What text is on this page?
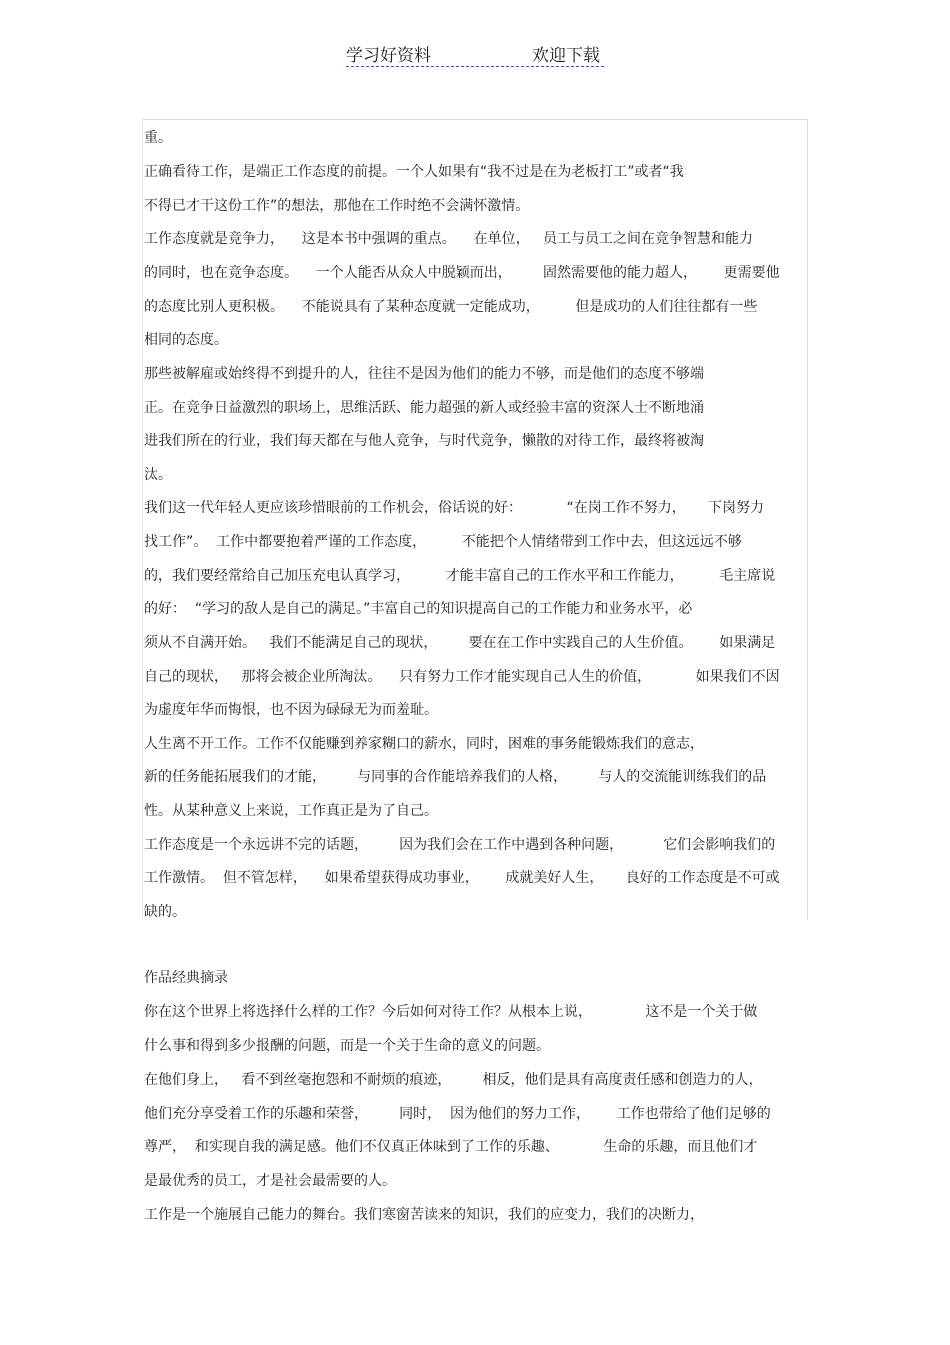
学习好资料	欢迎下载
重。
正确看待工作，是端正工作态度的前提。一个人如果有“我不过是在为老板打工”或者“我
不得已才干这份工作”的想法，那他在工作时绝不会满怀激情。
工作态度就是竞争力，    这是本书中强调的重点。    在单位，   员工与员工之间在竞争智慧和能力
的同时，也在竞争态度。    一个人能否从众人中脱颖而出，       固然需要他的能力超人，      更需要他
的态度比别人更积极。    不能说具有了某种态度就一定能成功，        但是成功的人们往往都有一些
相同的态度。
那些被解雇或始终得不到提升的人，往往不是因为他们的能力不够，而是他们的态度不够端
正。在竞争日益激烈的职场上，思维活跃、能力超强的新人或经验丰富的资深人士不断地涌
进我们所在的行业，我们每天都在与他人竞争，与时代竞争，懒散的对待工作，最终将被淘
汰。
我们这一代年轻人更应该珍惜眼前的工作机会，俗话说的好：          “在岗工作不努力，     下岗努力
找工作”。  工作中都要抱着严谨的工作态度，        不能把个人情绪带到工作中去，但这远远不够
的，我们要经常给自己加压充电认真学习，        才能丰富自己的工作水平和工作能力，        毛主席说
的好：  “学习的敌人是自己的满足。”丰富自己的知识提高自己的工作能力和业务水平，必
须从不自满开始。   我们不能满足自己的现状，       要在在工作中实践自己的人生价值。      如果满足
自己的现状，   那将会被企业所淘汰。    只有努力工作才能实现自己人生的价值，          如果我们不因
为虚度年华而悔恨，也不因为碌碌无为而羞耻。
人生离不开工作。工作不仅能赚到养家糊口的薪水，同时，困难的事务能锻炼我们的意志，
新的任务能拓展我们的才能，       与同事的合作能培养我们的人格，       与人的交流能训练我们的品
性。从某种意义上来说，工作真正是为了自己。
工作态度是一个永远讲不完的话题，       因为我们会在工作中遇到各种问题，         它们会影响我们的
工作激情。  但不管怎样，    如果希望获得成功事业，      成就美好人生，     良好的工作态度是不可或
缺的。
作品经典摘录
你在这个世界上将选择什么样的工作？今后如何对待工作？从根本上说，            这不是一个关于做
什么事和得到多少报酬的问题，而是一个关于生命的意义的问题。
在他们身上，   看不到丝毫抱怨和不耐烦的痕迹，       相反，他们是具有高度责任感和创造力的人，
他们充分享受着工作的乐趣和荣誉，       同时，  因为他们的努力工作，      工作也带给了他们足够的
尊严，  和实现自我的满足感。他们不仅真正体味到了工作的乐趣、          生命的乐趣，而且他们才
是最优秀的员工，才是社会最需要的人。
工作是一个施展自己能力的舞台。我们寒窗苦读来的知识，我们的应变力，我们的决断力，
